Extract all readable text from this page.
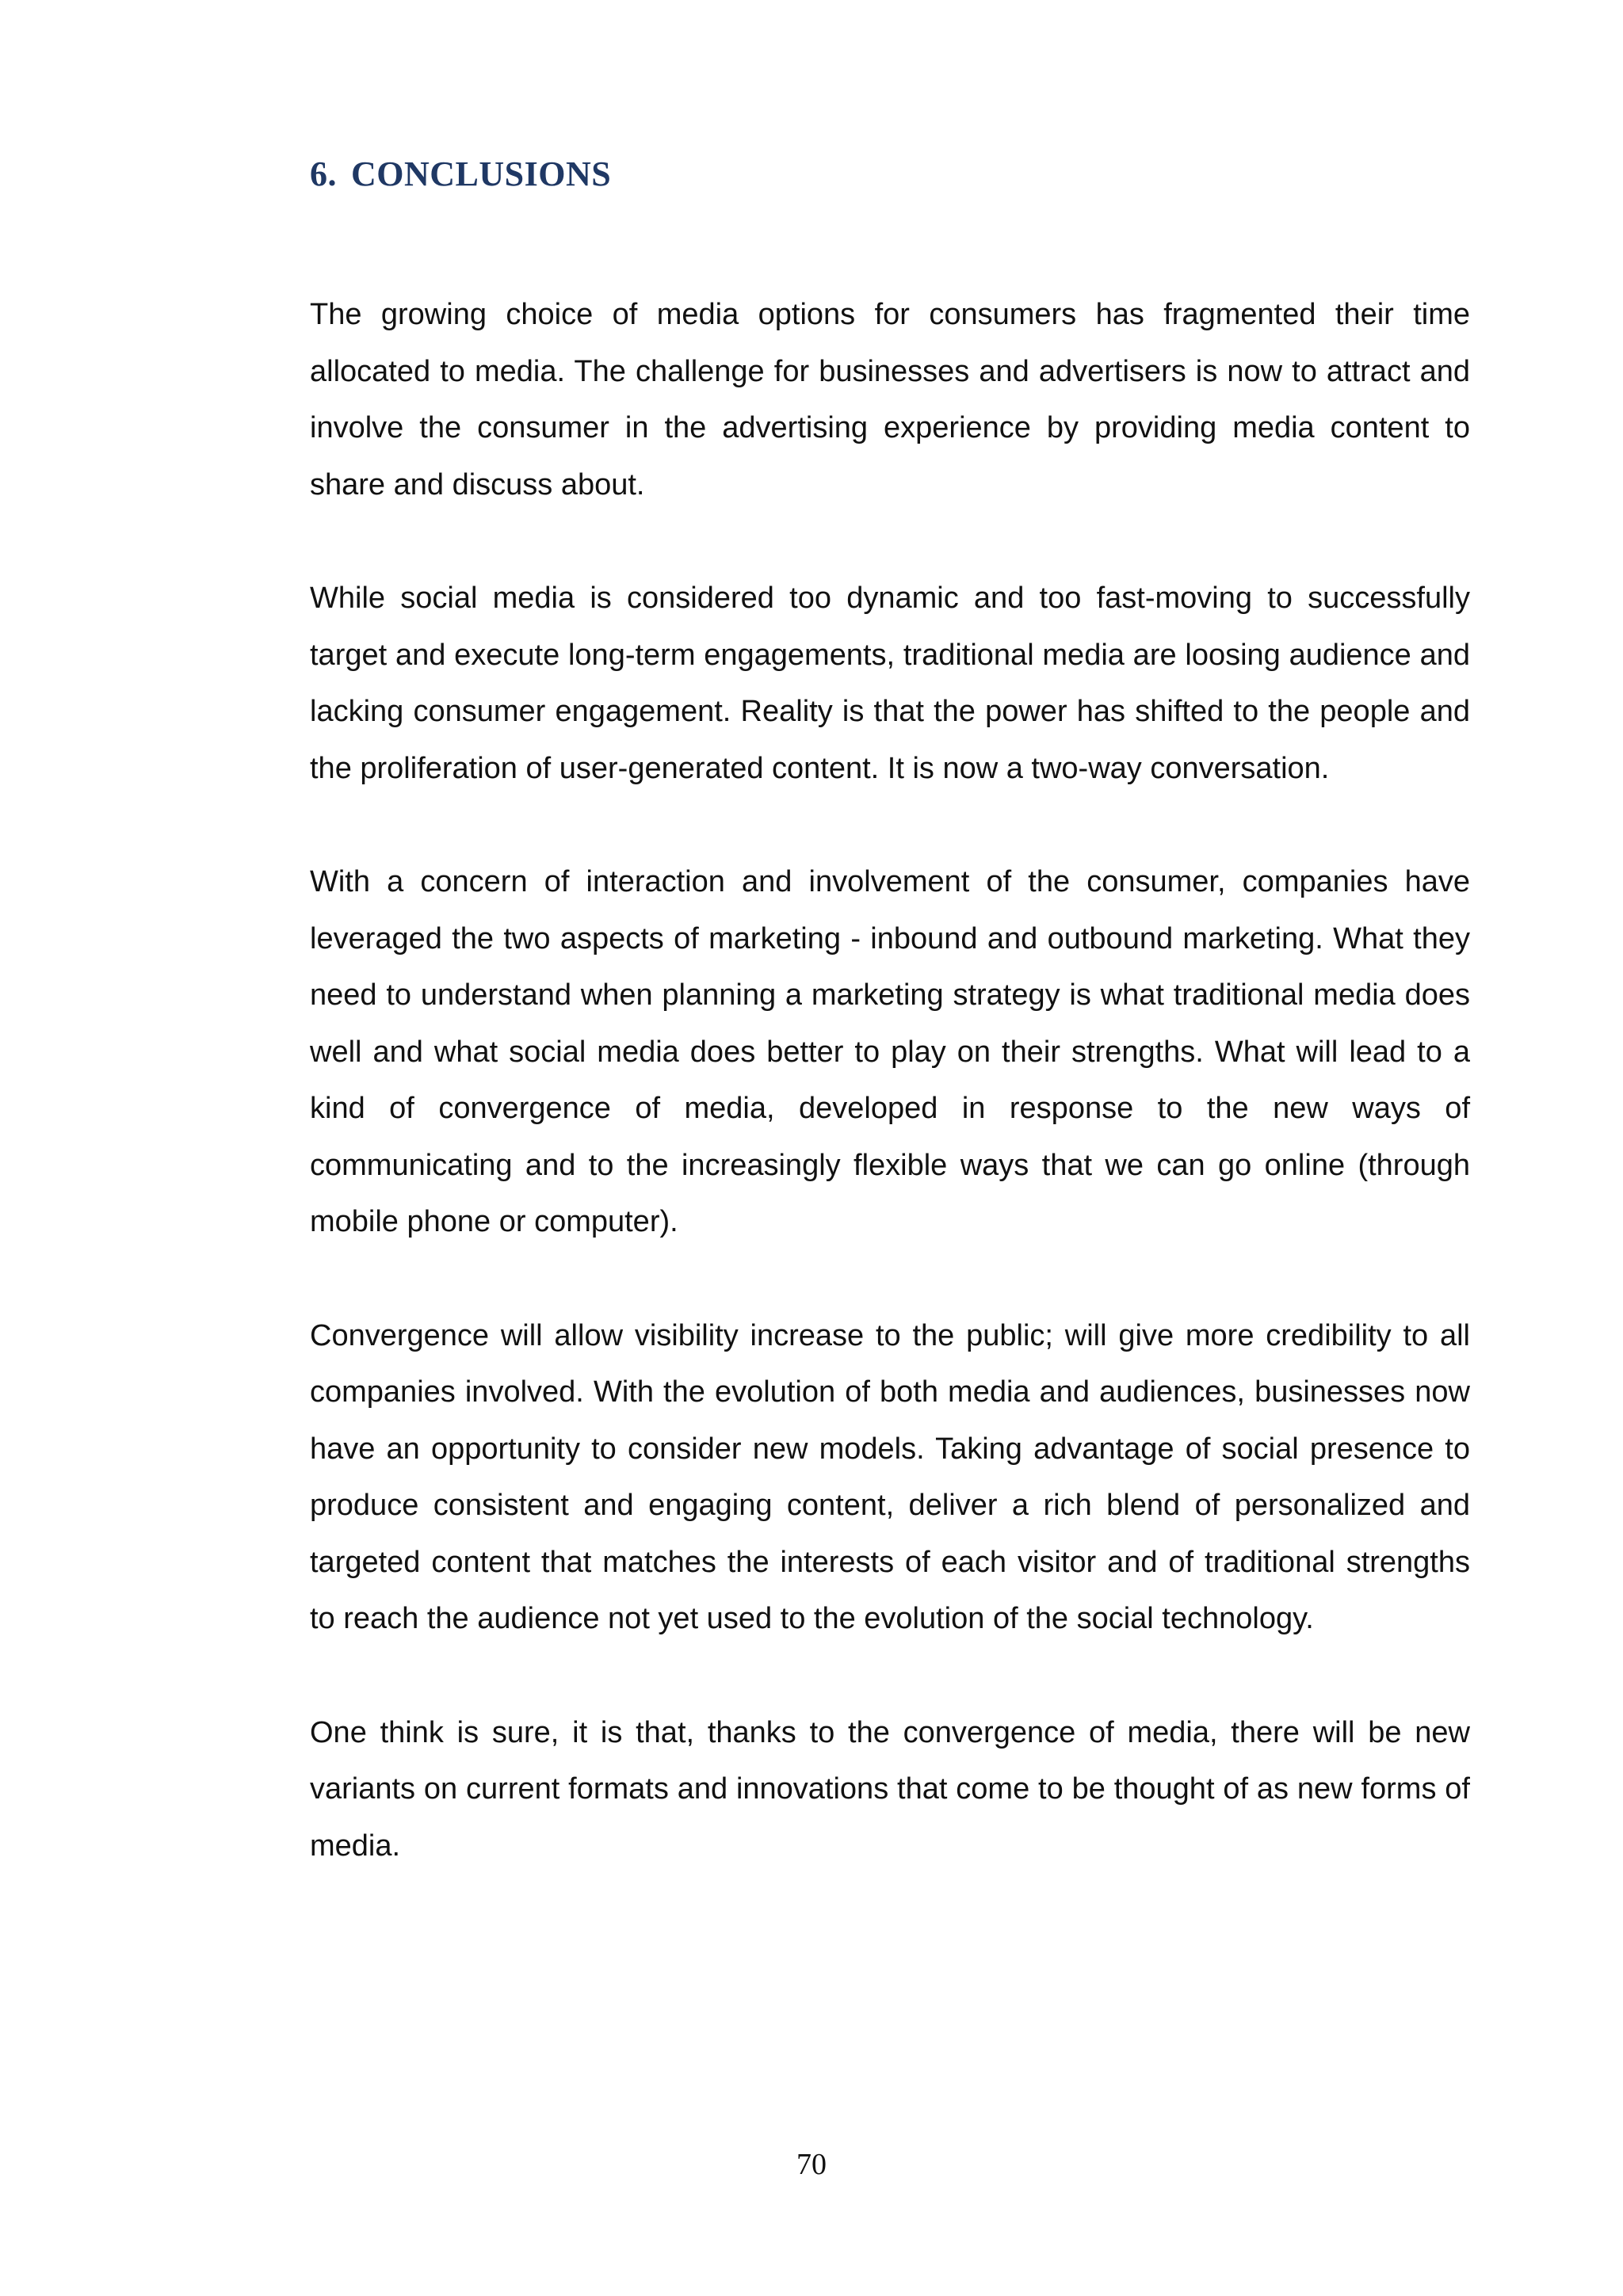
6. CONCLUSIONS

The growing choice of media options for consumers has fragmented their time allocated to media. The challenge for businesses and advertisers is now to attract and involve the consumer in the advertising experience by providing media content to share and discuss about.

While social media is considered too dynamic and too fast-moving to successfully target and execute long-term engagements, traditional media are loosing audience and lacking consumer engagement. Reality is that the power has shifted to the people and the proliferation of user-generated content. It is now a two-way conversation.

With a concern of interaction and involvement of the consumer, companies have leveraged the two aspects of marketing - inbound and outbound marketing. What they need to understand when planning a marketing strategy is what traditional media does well and what social media does better to play on their strengths. What will lead to a kind of convergence of media, developed in response to the new ways of communicating and to the increasingly flexible ways that we can go online (through mobile phone or computer).

Convergence will allow visibility increase to the public; will give more credibility to all companies involved. With the evolution of both media and audiences, businesses now have an opportunity to consider new models. Taking advantage of social presence to produce consistent and engaging content, deliver a rich blend of personalized and targeted content that matches the interests of each visitor and of traditional strengths to reach the audience not yet used to the evolution of the social technology.

One think is sure, it is that, thanks to the convergence of media, there will be new variants on current formats and innovations that come to be thought of as new forms of media.

70
